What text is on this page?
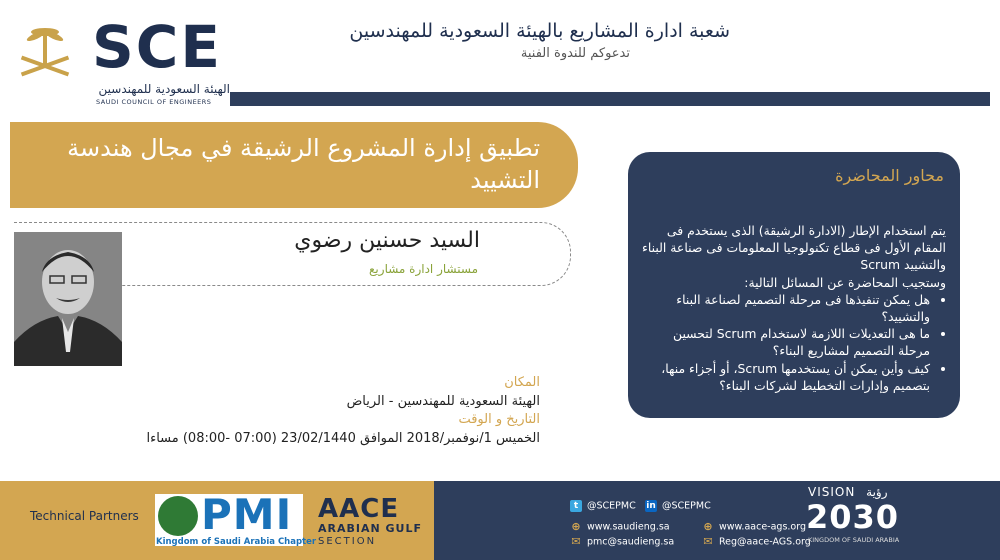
SCE
الهيئة السعودية للمهندسين
SAUDI COUNCIL OF ENGINEERS
شعبة ادارة المشاريع بالهيئة السعودية للمهندسين
تدعوكم للندوة الفنية
تطبيق إدارة المشروع الرشيقة في مجال هندسة التشييد
السيد حسنين رضوي
مستشار ادارة مشاريع
المكان
الهيئة السعودية للمهندسين - الرياض
التاريخ و الوقت
الخميس 1/نوفمبر/2018 الموافق 23/02/1440 (07:00 -08:00) مساءا
محاور المحاضرة

يتم استخدام الإطار (الادارة الرشيقة) الذى يستخدم فى المقام الأول فى قطاع تكنولوجيا المعلومات فى صناعة البناء والتشييد Scrum

وستجيب المحاضرة عن المسائل التالية:

• هل يمكن تنفيذها فى مرحلة التصميم لصناعة البناء والتشييد؟
• ما هى التعديلات اللازمة لاستخدام Scrum لتحسين مرحلة التصميم لمشاريع البناء؟
• كيف وأين يمكن أن يستخدمها Scrum، أو أجزاء منها، بتصميم وإدارات التخطيط لشركات البناء؟
Technical Partners PMI
Kingdom of Saudi Arabia Chapter
AACE
ARABIAN GULF
SECTION
t @SCEPMC in @SCEPMC
⊕ www.saudieng.sa
✉ pmc@saudieng.sa
⊕ www.aace-ags.org
✉ Reg@aace-AGS.org
VISION رؤية
2030
KINGDOM OF SAUDI ARABIA
